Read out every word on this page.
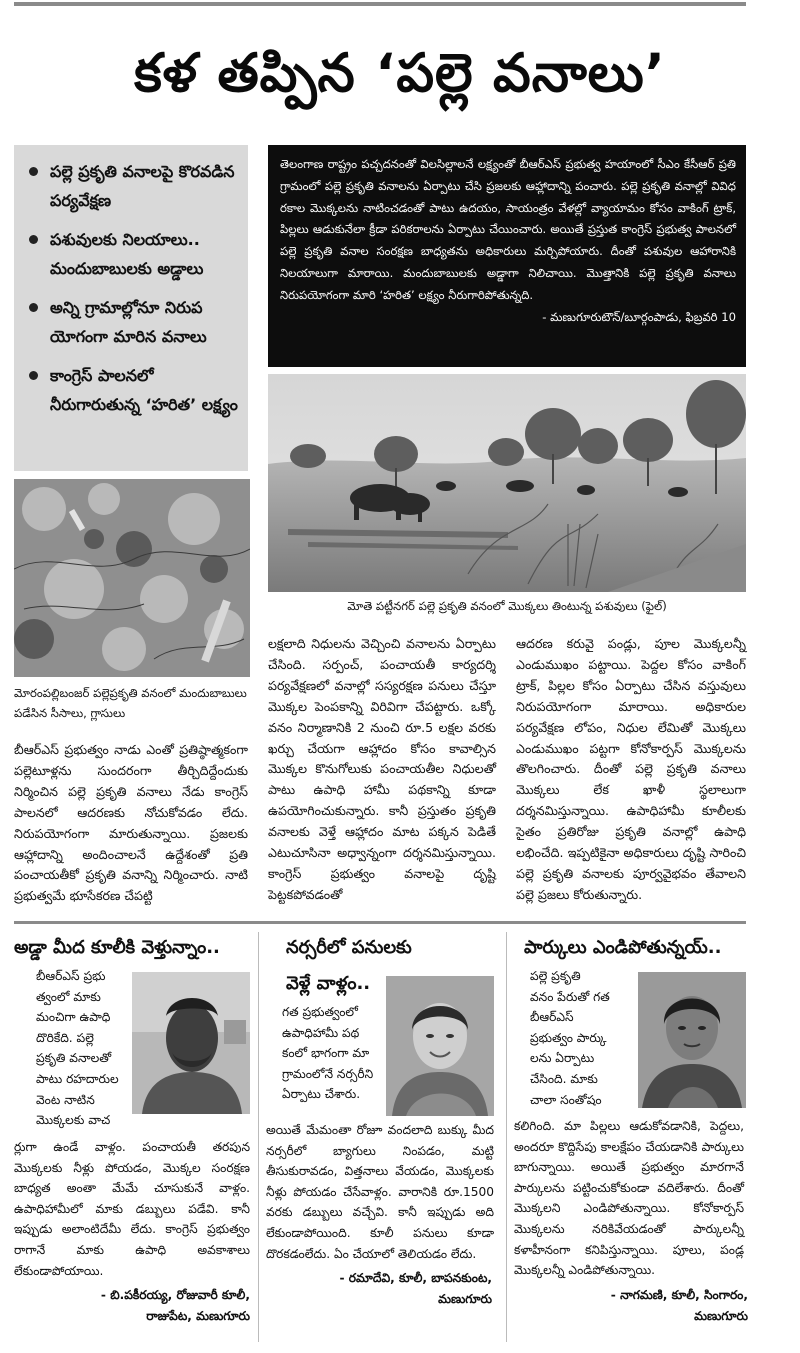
కళ తప్పిన ‘పల్లె వనాలు’
పల్లె ప్రకృతి వనాలపై కొరవడిన పర్యవేక్షణ
పశువులకు నిలయాలు.. మందుబాబులకు అడ్డాలు
అన్ని గ్రామాల్లోనూ నిరుప యోగంగా మారిన వనాలు
కాంగ్రెస్ పాలనలో నీరుగారుతున్న ‘హరిత’ లక్ష్యం
తెలంగాణ రాష్ట్రం పచ్చదనంతో విలసిల్లాలనే లక్ష్యంతో బీఆర్ఎస్ ప్రభుత్వ హయాంలో సీఎం కేసీఆర్ ప్రతి గ్రామంలో పల్లె ప్రకృతి వనాలను ఏర్పాటు చేసి ప్రజలకు ఆహ్లాదాన్ని పంచారు. పల్లె ప్రకృతి వనాల్లో వివిధ రకాల మొక్కలను నాటించడంతో పాటు ఉదయం, సాయంత్రం వేళల్లో వ్యాయామం కోసం వాకింగ్ ట్రాక్, పిల్లలు ఆడుకునేలా క్రీడా పరికరాలను ఏర్పాటు చేయించారు. అయితే ప్రస్తుత కాంగ్రెస్ ప్రభుత్వ పాలనలో పల్లె ప్రకృతి వనాల సంరక్షణ బాధ్యతను అధికారులు మర్చిపోయారు. దీంతో పశువుల ఆహారానికి నిలయాలుగా మారాయి. మందుబాబులకు అడ్డాగా నిలిచాయి. మొత్తానికి పల్లె ప్రకృతి వనాలు నిరుపయోగంగా మారి ‘హరిత’ లక్ష్యం నీరుగారిపోతున్నది.
- మణుగూరుటౌన్/బూర్గంపాడు, ఫిబ్రవరి 10
మోతె పట్టీనగర్ పల్లె ప్రకృతి వనంలో మొక్కలు తింటున్న పశువులు (ఫైల్)
మోరంపల్లిబంజర్ పల్లెప్రకృతి వనంలో మందుబాబులు పడేసిన సీసాలు, గ్లాసులు
బీఆర్ఎస్ ప్రభుత్వం నాడు ఎంతో ప్రతిష్ఠాత్మకంగా పల్లెటూళ్లను సుందరంగా తీర్చిదిద్దేందుకు నిర్మించిన పల్లె ప్రకృతి వనాలు నేడు కాంగ్రెస్ పాలనలో ఆదరణకు నోచుకోవడం లేదు. నిరుపయోగంగా మారుతున్నాయి. ప్రజలకు ఆహ్లాదాన్ని అందించాలనే ఉద్దేశంతో ప్రతి పంచాయతీకో ప్రకృతి వనాన్ని నిర్మించారు. నాటి ప్రభుత్వమే భూసేకరణ చేపట్టి
లక్షలాది నిధులను వెచ్చించి వనాలను ఏర్పాటు చేసింది. సర్పంచ్, పంచాయతీ కార్యదర్శి పర్యవేక్షణలో వనాల్లో సస్యరక్షణ పనులు చేస్తూ మొక్కల పెంపకాన్ని విరివిగా చేపట్టారు. ఒక్కో వనం నిర్మాణానికి 2 నుంచి రూ.5 లక్షల వరకు ఖర్చు చేయగా ఆహ్లాదం కోసం కావాల్సిన మొక్కల కొనుగోలుకు పంచాయతీల నిధులతో పాటు ఉపాధి హామీ పథకాన్ని కూడా ఉపయోగించుకున్నారు. కానీ ప్రస్తుతం ప్రకృతి వనాలకు వెళ్తే ఆహ్లాదం మాట పక్కన పెడితే ఎటుచూసినా అధ్వాన్నంగా దర్శనమిస్తున్నాయి. కాంగ్రెస్ ప్రభుత్వం వనాలపై దృష్టి పెట్టకపోవడంతో
ఆదరణ కరువై పండ్లు, పూల మొక్కలన్నీ ఎండుముఖం పట్టాయి. పెద్దల కోసం వాకింగ్ ట్రాక్, పిల్లల కోసం ఏర్పాటు చేసిన వస్తువులు నిరుపయోగంగా మారాయి. అధికారుల పర్యవేక్షణ లోపం, నిధుల లేమితో మొక్కలు ఎండుముఖం పట్టగా కోనోకార్పస్ మొక్కలను తొలగించారు. దీంతో పల్లె ప్రకృతి వనాలు మొక్కలు లేక ఖాళీ స్థలాలుగా దర్శనమిస్తున్నాయి. ఉపాధిహామీ కూలీలకు సైతం ప్రతిరోజు ప్రకృతి వనాల్లో ఉపాధి లభించేది. ఇప్పటికైనా అధికారులు దృష్టి సారించి పల్లె ప్రకృతి వనాలకు పూర్వవైభవం తేవాలని పల్లె ప్రజలు కోరుతున్నారు.
అడ్డా మీద కూలీకి వెళ్తున్నాం..
బీఆర్ఎస్ ప్రభు
త్వంలో మాకు
మంచిగా ఉపాధి
దొరికేది. పల్లె
ప్రకృతి వనాలతో
పాటు రహదారుల
వెంట నాటిన
మొక్కలకు వాచ
ర్లుగా ఉండే వాళ్లం. పంచాయతీ తరపున మొక్కలకు నీళ్లు పోయడం, మొక్కల సంరక్షణ బాధ్యత అంతా మేమే చూసుకునే వాళ్లం. ఉపాధిహామీలో మాకు డబ్బులు పడేవి. కానీ ఇప్పుడు అలాంటిదేమీ లేదు. కాంగ్రెస్ ప్రభుత్వం రాగానే మాకు ఉపాధి అవకాశాలు లేకుండాపోయాయి.
- బి.పకీరయ్య, రోజువారీ కూలీ,
రాజుపేట, మణుగూరు
నర్సరీలో పనులకు
వెళ్లే వాళ్లం..
గత ప్రభుత్వంలో
ఉపాధిహామీ పథ
కంలో భాగంగా మా
గ్రామంలోనే నర్సరీని
ఏర్పాటు చేశారు.
అయితే మేమంతా రోజూ వందలాది బుక్కు మీద నర్సరీలో బ్యాగులు నింపడం, మట్టి తీసుకురావడం, విత్తనాలు వేయడం, మొక్కలకు నీళ్లు పోయడం చేసేవాళ్లం. వారానికి రూ.1500 వరకు డబ్బులు వచ్చేవి. కానీ ఇప్పుడు అది లేకుండాపోయింది. కూలీ పనులు కూడా దొరకడంలేదు. ఏం చేయాలో తెలియడం లేదు.
- రమాదేవి, కూలీ, బాపనకుంట,
మణుగూరు
పార్కులు ఎండిపోతున్నయ్..
పల్లె ప్రకృతి
వనం పేరుతో గత
బీఆర్ఎస్
ప్రభుత్వం పార్కు
లను ఏర్పాటు
చేసింది. మాకు
చాలా సంతోషం
కలిగింది. మా పిల్లలు ఆడుకోవడానికి, పెద్దలు, అందరూ కొద్దిసేపు కాలక్షేపం చేయడానికి పార్కులు బాగున్నాయి. అయితే ప్రభుత్వం మారగానే పార్కులను పట్టించుకోకుండా వదిలేశారు. దీంతో మొక్కలని ఎండిపోతున్నాయి. కోనోకార్పస్ మొక్కలను నరికివేయడంతో పార్కులన్నీ కళాహీనంగా కనిపిస్తున్నాయి. పూలు, పండ్ల మొక్కలన్నీ ఎండిపోతున్నాయి.
- నాగమణి, కూలీ, సింగారం,
మణుగూరు
